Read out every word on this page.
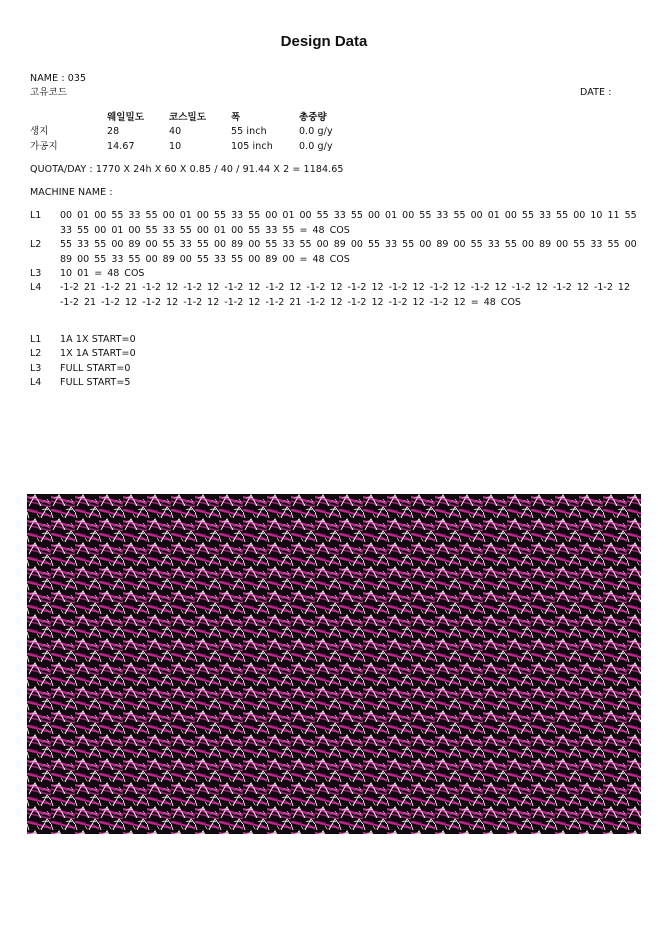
Design Data
NAME : 035
고유코드	DATE :
웨일밀도	코스밀도	폭	총중량
생지	28	40	55 inch	0.0 g/y
가공지	14.67	10	105 inch	0.0 g/y
QUOTA/DAY : 1770 X 24h X 60 X 0.85 / 40 / 91.44 X 2 = 1184.65
MACHINE NAME :
L1 00 01 00 55 33 55 00 01 00 55 33 55 00 01 00 55 33 55 00 01 00 55 33 55 00 01 00 55 33 55 00 10 11 55 33 55 00 01 00 55 33 55 00 01 00 55 33 55 = 48 COS
L2 55 33 55 00 89 00 55 33 55 00 89 00 55 33 55 00 89 00 55 33 55 00 89 00 55 33 55 00 89 00 55 33 55 00 89 00 55 33 55 00 89 00 55 33 55 00 89 00 = 48 COS
L3 10 01 = 48 COS
L4 -1-2 21 -1-2 21 -1-2 12 -1-2 12 -1-2 12 -1-2 12 -1-2 12 -1-2 12 -1-2 12 -1-2 12 -1-2 12 -1-2 12 -1-2 12 -1-2 12 -1-2 21 -1-2 12 -1-2 12 -1-2 12 -1-2 12 -1-2 21 -1-2 12 -1-2 12 -1-2 12 -1-2 12 = 48 COS
L1 1A 1X START=0
L2 1X 1A START=0
L3 FULL START=0
L4 FULL START=5
